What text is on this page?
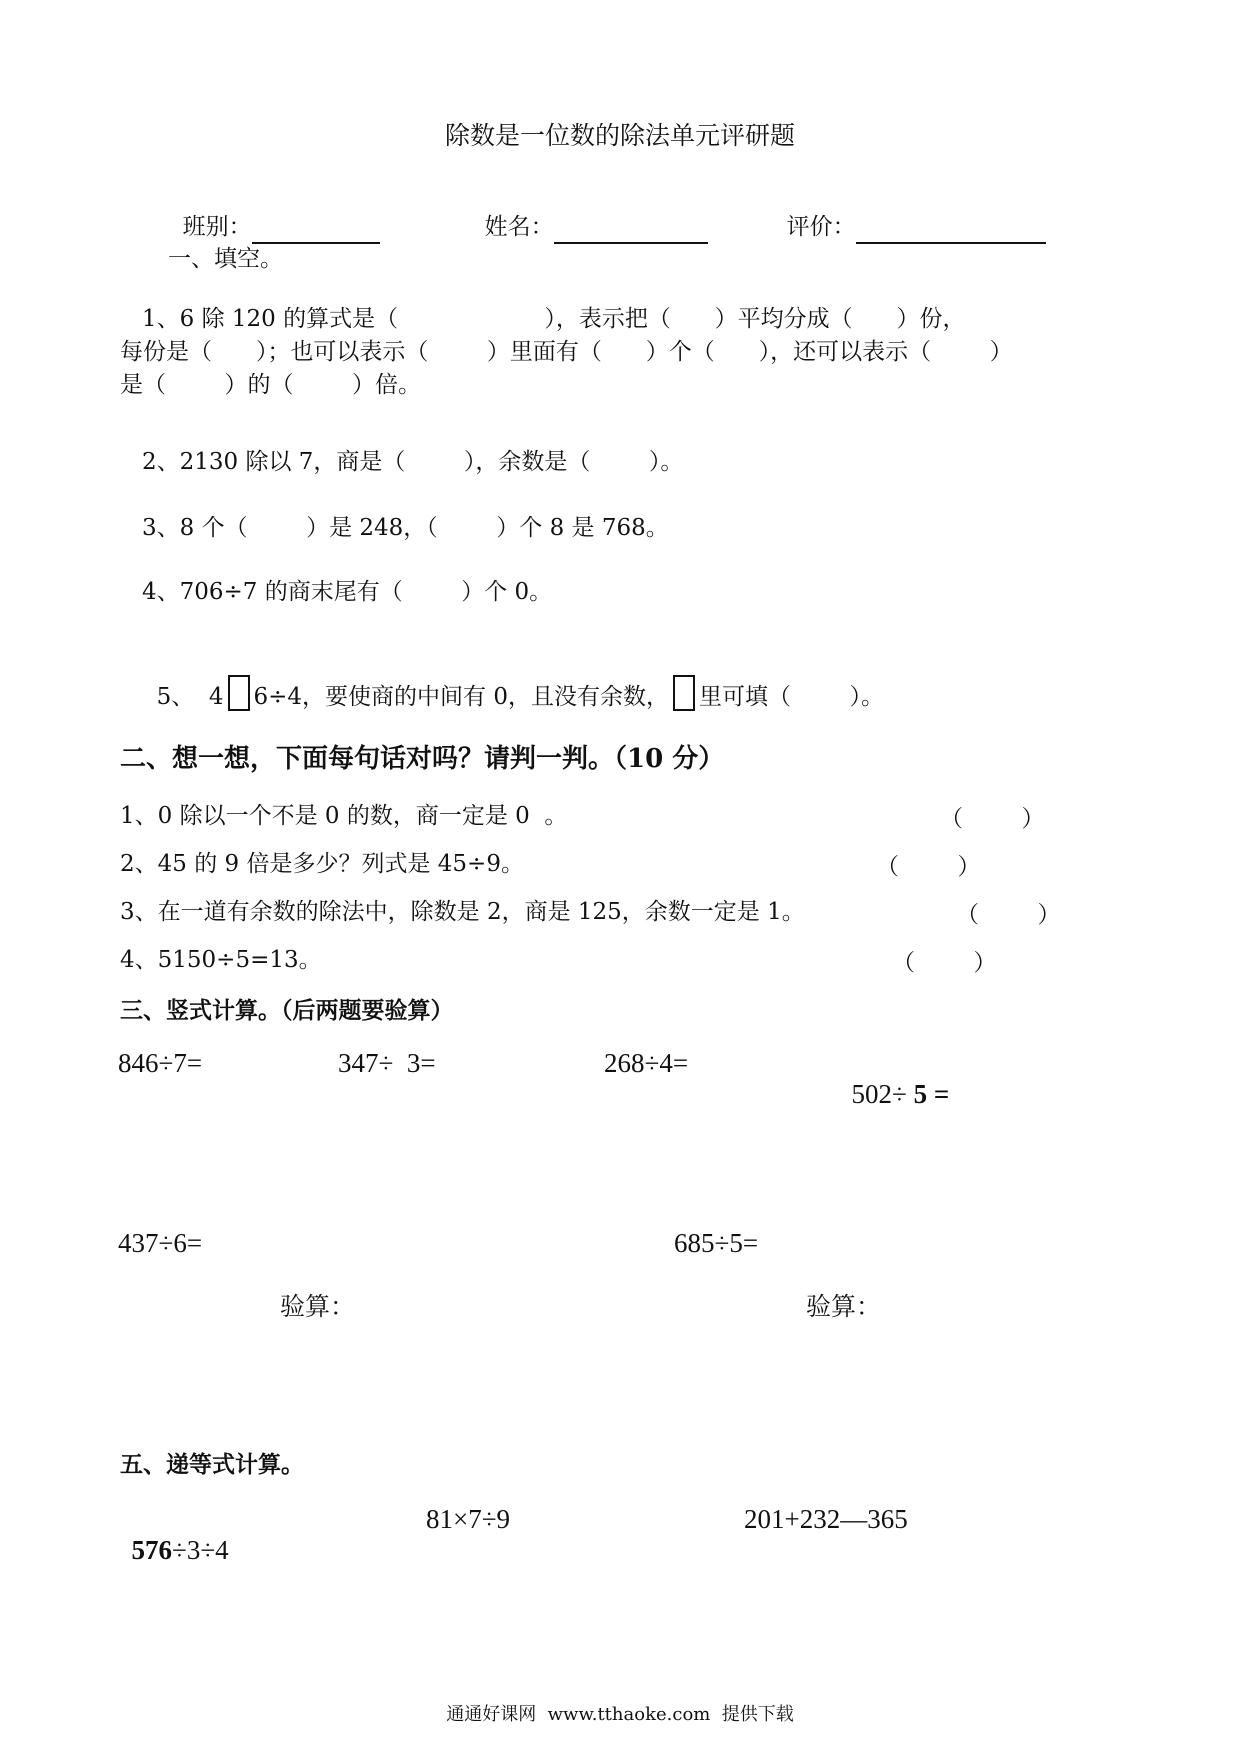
除数是一位数的除法单元评研题

班别：	姓名：	评价：

一、填空。
1、6 除 120 的算式是（                    ），表示把（      ）平均分成（      ）份，
每份是（      ）；也可以表示（        ）里面有（      ）个（      ），还可以表示（        ）
是（        ）的（        ）倍。
2、2130 除以 7，商是（        ），余数是（        ）。
3、8 个（        ）是 248，（        ）个 8 是 768。
4、706÷7 的商末尾有（        ）个 0。

5、  4 6÷4，要使商的中间有 0，且没有余数， 里可填（        ）。

二、想一想，下面每句话对吗？请判一判。（10 分）
1、0 除以一个不是 0 的数，商一定是 0  。	（        ）
2、45 的 9 倍是多少？列式是 45÷9。	（        ）
3、在一道有余数的除法中，除数是 2，商是 125，余数一定是 1。	（        ）
4、5150÷5=13。	（        ）
三、竖式计算。（后两题要验算）
846÷7=	347÷  3=	268÷4=

502÷ 5 =

437÷6=	685÷5=
验算：	验算：
五、递等式计算。

576÷3÷4

81×7÷9	201+232—365
通通好课网  www.tthaoke.com  提供下载
